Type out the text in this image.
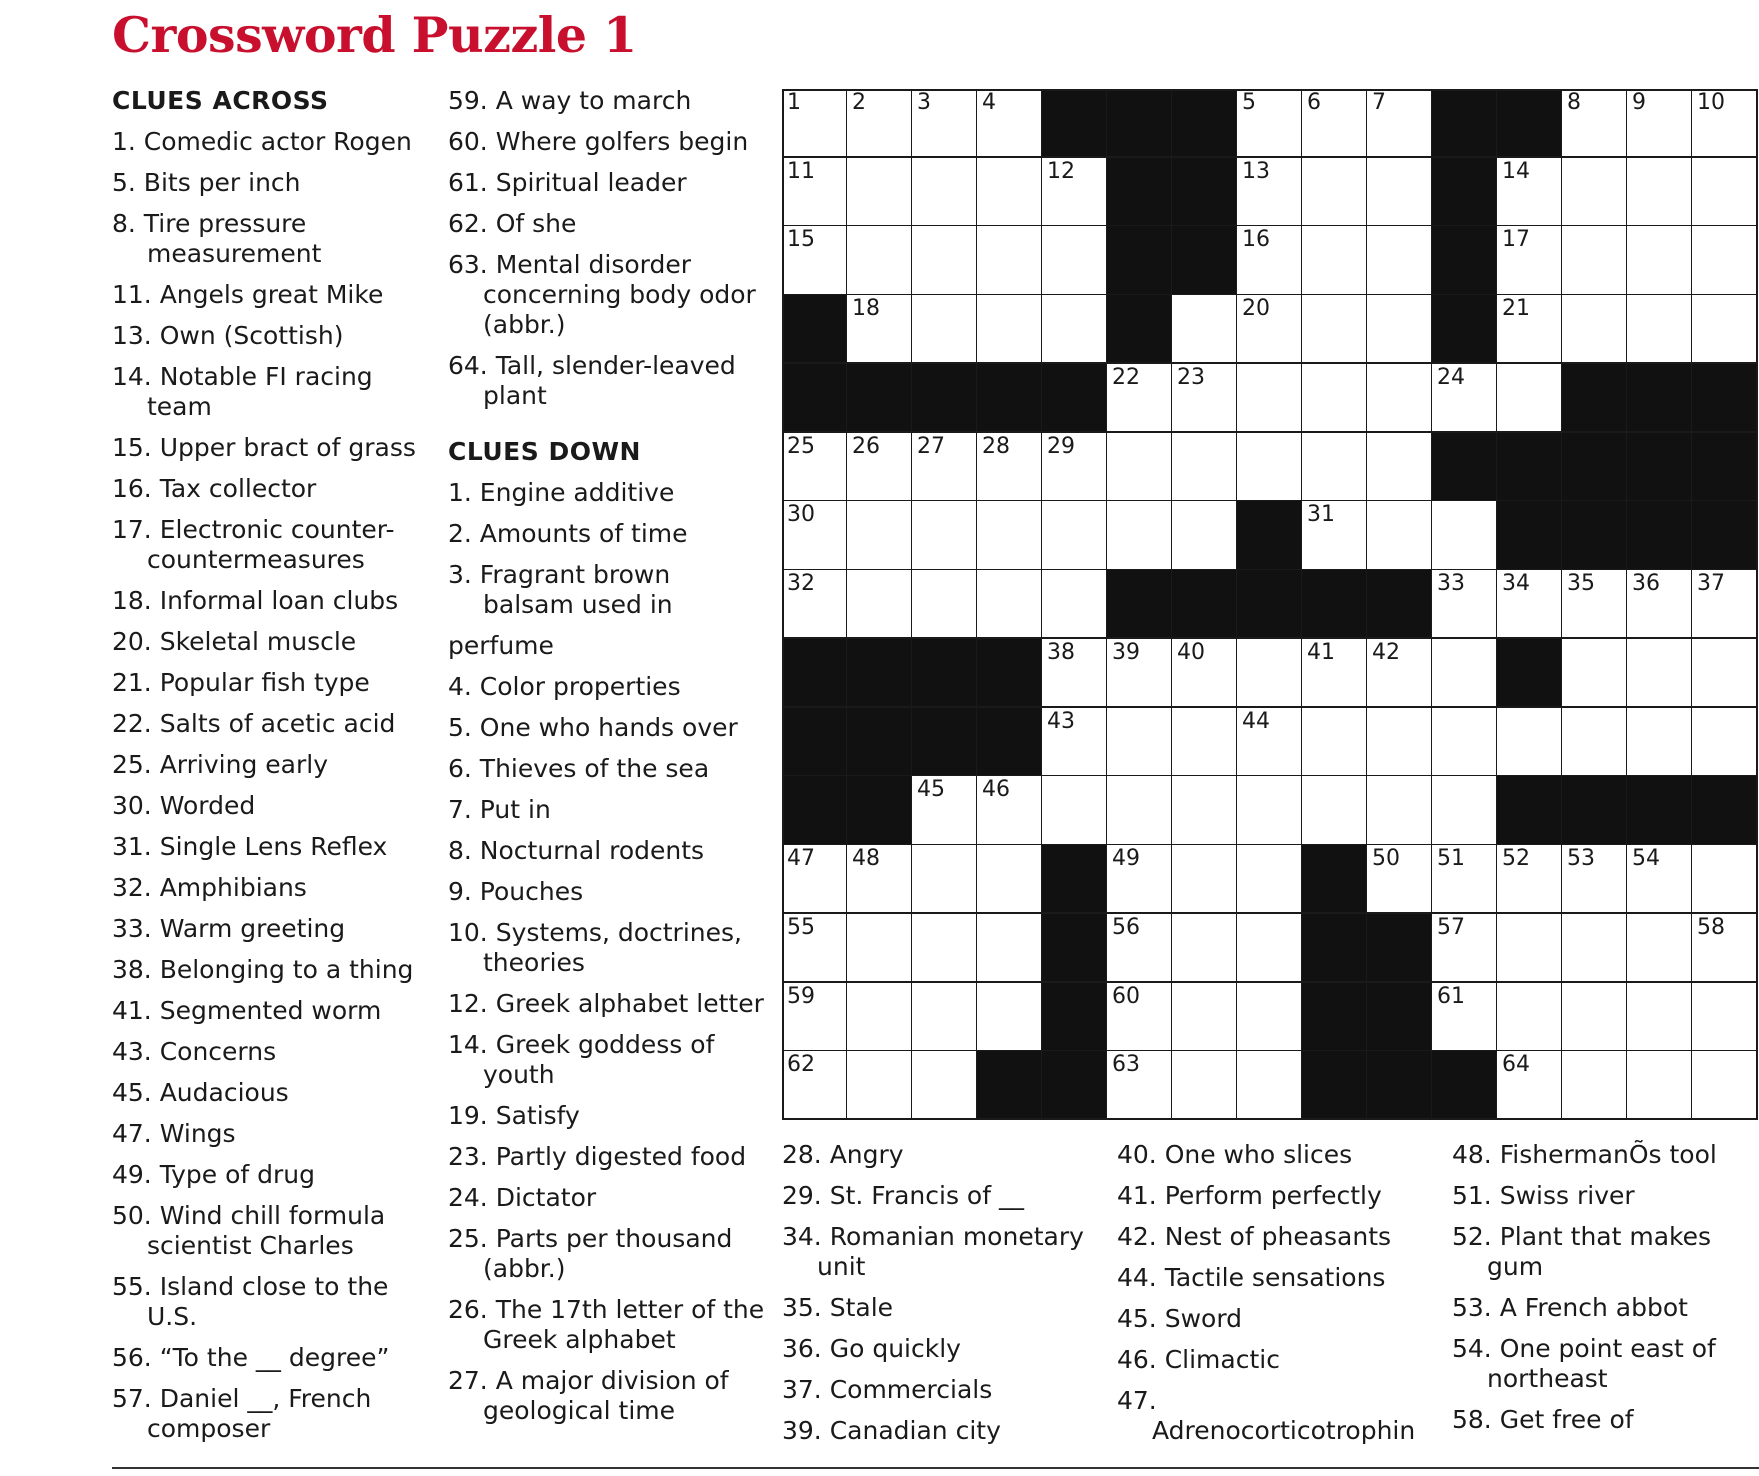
Crossword Puzzle 1
CLUES ACROSS
1. Comedic actor Rogen
5. Bits per inch
8. Tire pressure measurement
11. Angels great Mike
13. Own (Scottish)
14. Notable FI racing team
15. Upper bract of grass
16. Tax collector
17. Electronic counter-countermeasures
18. Informal loan clubs
20. Skeletal muscle
21. Popular fish type
22. Salts of acetic acid
25. Arriving early
30. Worded
31. Single Lens Reflex
32. Amphibians
33. Warm greeting
38. Belonging to a thing
41. Segmented worm
43. Concerns
45. Audacious
47. Wings
49. Type of drug
50. Wind chill formula scientist Charles
55. Island close to the U.S.
56. “To the __ degree”
57. Daniel __, French composer
59. A way to march
60. Where golfers begin
61. Spiritual leader
62. Of she
63. Mental disorder concerning body odor (abbr.)
64. Tall, slender-leaved plant
CLUES DOWN
1. Engine additive
2. Amounts of time
3. Fragrant brown balsam used in
perfume
4. Color properties
5. One who hands over
6. Thieves of the sea
7. Put in
8. Nocturnal rodents
9. Pouches
10. Systems, doctrines, theories
12. Greek alphabet letter
14. Greek goddess of youth
19. Satisfy
23. Partly digested food
24. Dictator
25. Parts per thousand (abbr.)
26. The 17th letter of the Greek alphabet
27. A major division of geological time
28. Angry
29. St. Francis of __
34. Romanian monetary unit
35. Stale
36. Go quickly
37. Commercials
39. Canadian city
40. One who slices
41. Perform perfectly
42. Nest of pheasants
44. Tactile sensations
45. Sword
46. Climactic
47. Adrenocorticotrophin
48. FishermanÕs tool
51. Swiss river
52. Plant that makes gum
53. A French abbot
54. One point east of northeast
58. Get free of
1 2 3 4	5 6 7	8 9 10
11	12	13	14
15	16	17
18	20	21
22 23	24
25 26 27 28 29
30	31
32	33 34 35 36 37
38 39 40	41 42
43	44
45 46
47 48	49	50 51 52 53 54
55	56	57	58
59	60	61
62	63	64
